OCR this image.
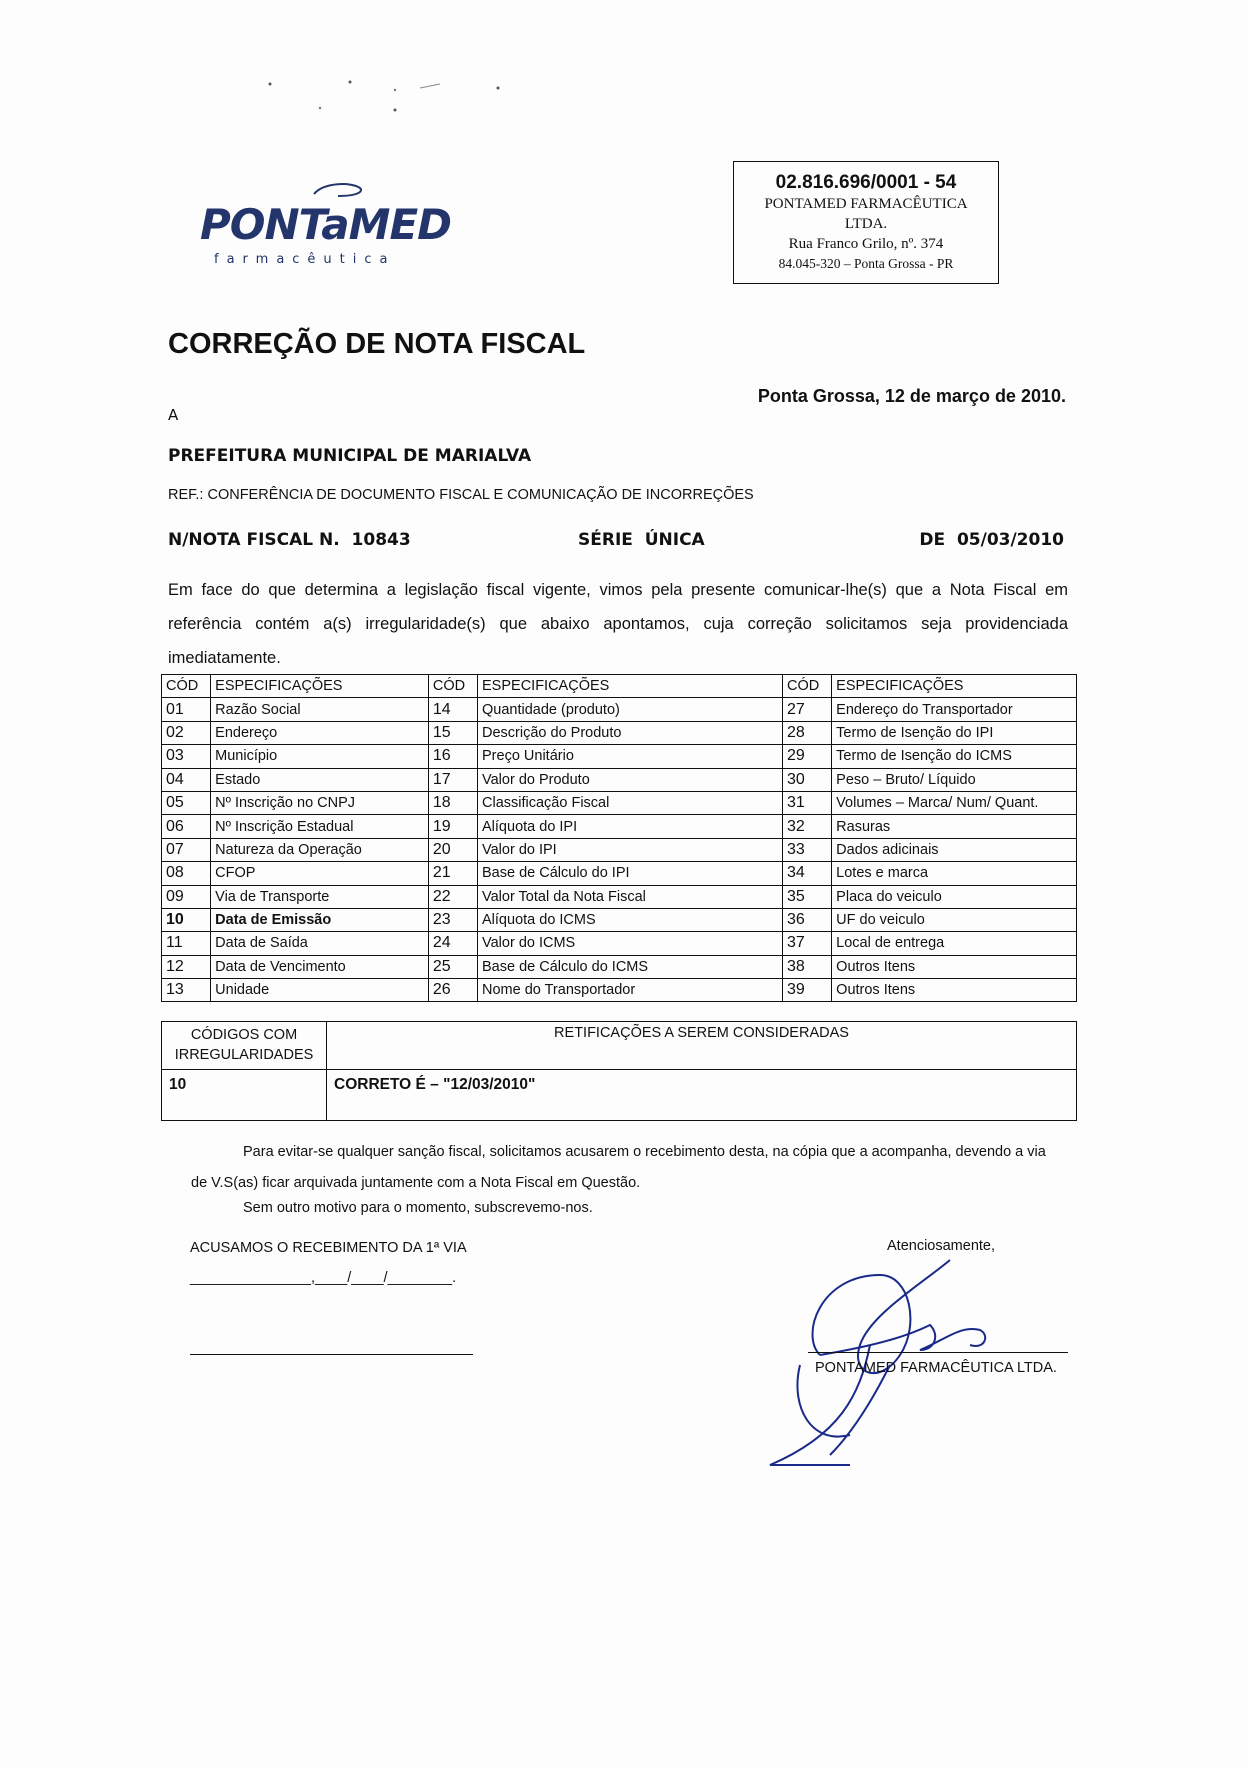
PONTaMED
farmacêutica
02.816.696/0001 - 54
PONTAMED FARMACÊUTICA
LTDA.
Rua Franco Grilo, nº. 374
84.045-320 – Ponta Grossa - PR
CORREÇÃO DE NOTA FISCAL
Ponta Grossa, 12 de março de 2010.
A
PREFEITURA MUNICIPAL DE MARIALVA
REF.: CONFERÊNCIA DE DOCUMENTO FISCAL E COMUNICAÇÃO DE INCORREÇÕES
N/NOTA FISCAL N.  10843	SÉRIE  ÚNICA	DE  05/03/2010
Em face do que determina a legislação fiscal vigente, vimos pela presente comunicar-lhe(s) que a Nota Fiscal em referência contém a(s) irregularidade(s) que abaixo apontamos, cuja correção solicitamos seja providenciada imediatamente.
CÓD	ESPECIFICAÇÕES	CÓD	ESPECIFICAÇÕES	CÓD	ESPECIFICAÇÕES
01	Razão Social	14	Quantidade (produto)	27	Endereço do Transportador
02	Endereço	15	Descrição do Produto	28	Termo de Isenção do IPI
03	Município	16	Preço Unitário	29	Termo de Isenção do ICMS
04	Estado	17	Valor do Produto	30	Peso – Bruto/ Líquido
05	Nº Inscrição no CNPJ	18	Classificação Fiscal	31	Volumes – Marca/ Num/ Quant.
06	Nº Inscrição Estadual	19	Alíquota do IPI	32	Rasuras
07	Natureza da Operação	20	Valor do IPI	33	Dados adicinais
08	CFOP	21	Base de Cálculo do IPI	34	Lotes e marca
09	Via de Transporte	22	Valor Total da Nota Fiscal	35	Placa do veiculo
10	Data de Emissão	23	Alíquota do ICMS	36	UF do veiculo
11	Data de Saída	24	Valor do ICMS	37	Local de entrega
12	Data de Vencimento	25	Base de Cálculo do ICMS	38	Outros Itens
13	Unidade	26	Nome do Transportador	39	Outros Itens
CÓDIGOS COM IRREGULARIDADES	RETIFICAÇÕES A SEREM CONSIDERADAS
10	CORRETO É – "12/03/2010"
Para evitar-se qualquer sanção fiscal, solicitamos acusarem o recebimento desta, na cópia que a acompanha, devendo a via
de V.S(as) ficar arquivada juntamente com a Nota Fiscal em Questão.
Sem outro motivo para o momento, subscrevemo-nos.
ACUSAMOS O RECEBIMENTO DA 1ª VIA
_______________,____/____/________.
Atenciosamente,
PONTAMED FARMACÊUTICA LTDA.
